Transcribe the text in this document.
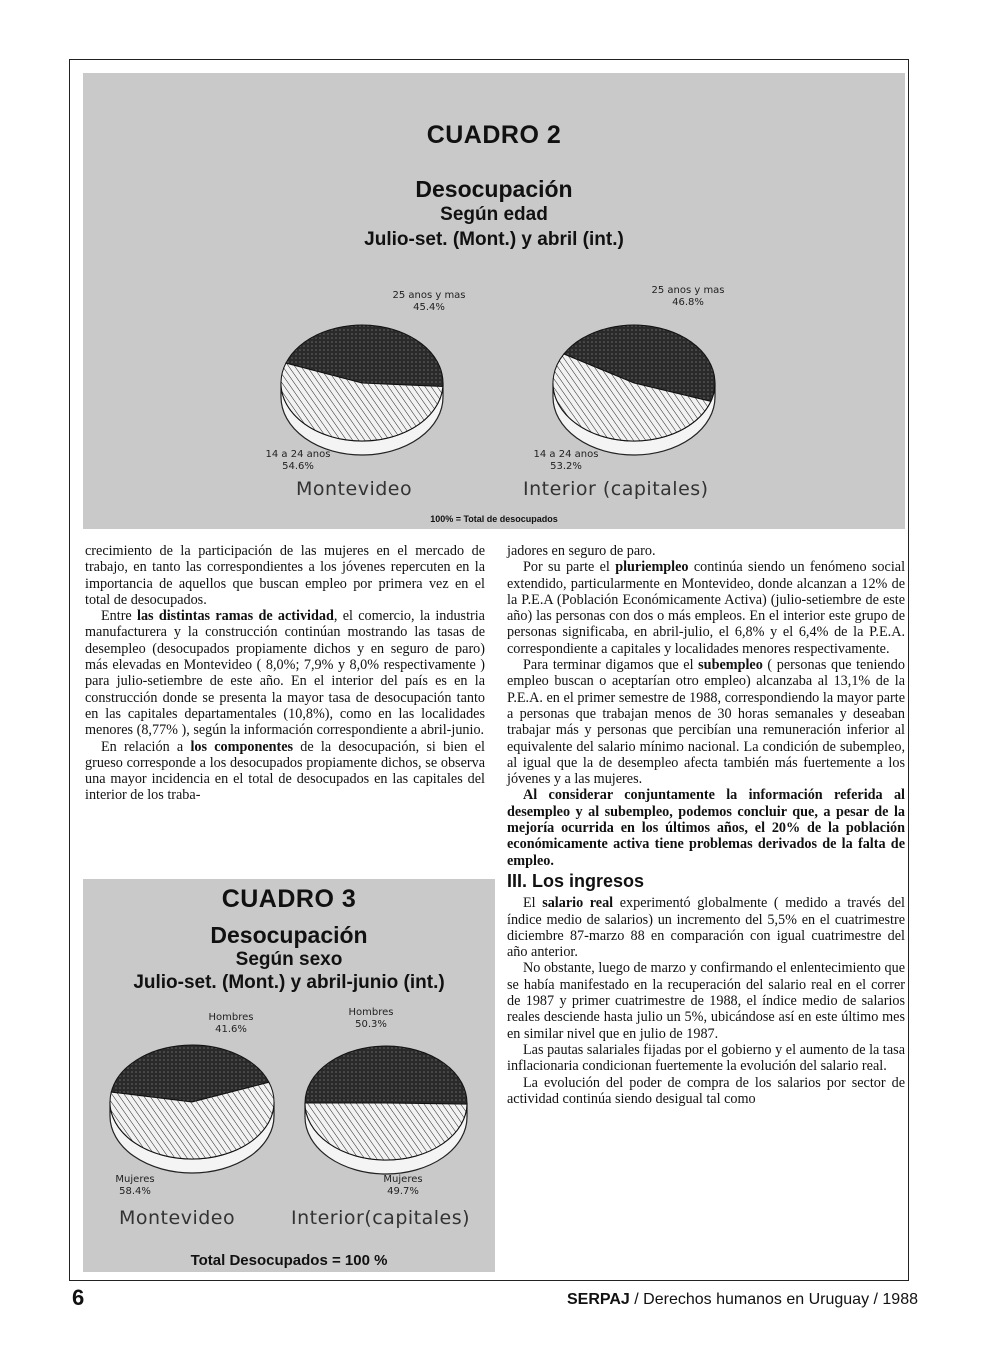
CUADRO 2
Desocupación
Según edad
Julio-set. (Mont.) y abril (int.)
25 anos y mas
45.4%
25 anos y mas
46.8%
14 a 24 anos
54.6%
14 a 24 anos
53.2%
Montevideo	Interior (capitales)
100% = Total de desocupados

crecimiento de la participación de las mujeres en el mercado de trabajo, en tanto las correspondientes a los jóvenes repercuten en la importancia de aquellos que buscan empleo por primera vez en el total de desocupados.

Entre las distintas ramas de actividad, el comercio, la industria manufacturera y la construcción continúan mostrando las tasas de desempleo (desocupados propiamente dichos y en seguro de paro) más elevadas en Montevideo ( 8,0%; 7,9% y 8,0% respectivamente ) para julio-setiembre de este año. En el interior del país es en la construcción donde se presenta la mayor tasa de desocupación tanto en las capitales departamentales (10,8%), como en las localidades menores (8,77% ), según la información correspondiente a abril-junio.

En relación a los componentes de la desocupación, si bien el grueso corresponde a los desocupados propiamente dichos, se observa una mayor incidencia en el total de desocupados en las capitales del interior de los traba-

CUADRO 3
Desocupación
Según sexo
Julio-set. (Mont.) y abril-junio (int.)
Hombres
41.6%
Hombres
50.3%
Mujeres
58.4%
Mujeres
49.7%
Montevideo	Interior(capitales)
Total Desocupados = 100 %

jadores en seguro de paro.

Por su parte el pluriempleo continúa siendo un fenómeno social extendido, particularmente en Montevideo, donde alcanzan a 12% de la P.E.A (Población Económicamente Activa) (julio-setiembre de este año) las personas con dos o más empleos. En el interior este grupo de personas significaba, en abril-julio, el 6,8% y el 6,4% de la P.E.A. correspondiente a capitales y localidades menores respectivamente.

Para terminar digamos que el subempleo ( personas que teniendo empleo buscan o aceptarían otro empleo) alcanzaba al 13,1% de la P.E.A. en el primer semestre de 1988, correspondiendo la mayor parte a personas que trabajan menos de 30 horas semanales y deseaban trabajar más y personas que percibían una remuneración inferior al equivalente del salario mínimo nacional. La condición de subempleo, al igual que la de desempleo afecta también más fuertemente a los jóvenes y a las mujeres.

Al considerar conjuntamente la información referida al desempleo y al subempleo, podemos concluir que, a pesar de la mejoría ocurrida en los últimos años, el 20% de la población económicamente activa tiene problemas derivados de la falta de empleo.

III. Los ingresos

El salario real experimentó globalmente ( medido a través del índice medio de salarios) un incremento del 5,5% en el cuatrimestre diciembre 87-marzo 88 en comparación con igual cuatrimestre del año anterior.

No obstante, luego de marzo y confirmando el enlentecimiento que se había manifestado en la recuperación del salario real en el correr de 1987 y primer cuatrimestre de 1988, el índice medio de salarios reales desciende hasta julio un 5%, ubicándose así en este último mes en similar nivel que en julio de 1987.

Las pautas salariales fijadas por el gobierno y el aumento de la tasa inflacionaria condicionan fuertemente la evolución del salario real.

La evolución del poder de compra de los salarios por sector de actividad continúa siendo desigual tal como

6	SERPAJ / Derechos humanos en Uruguay / 1988
